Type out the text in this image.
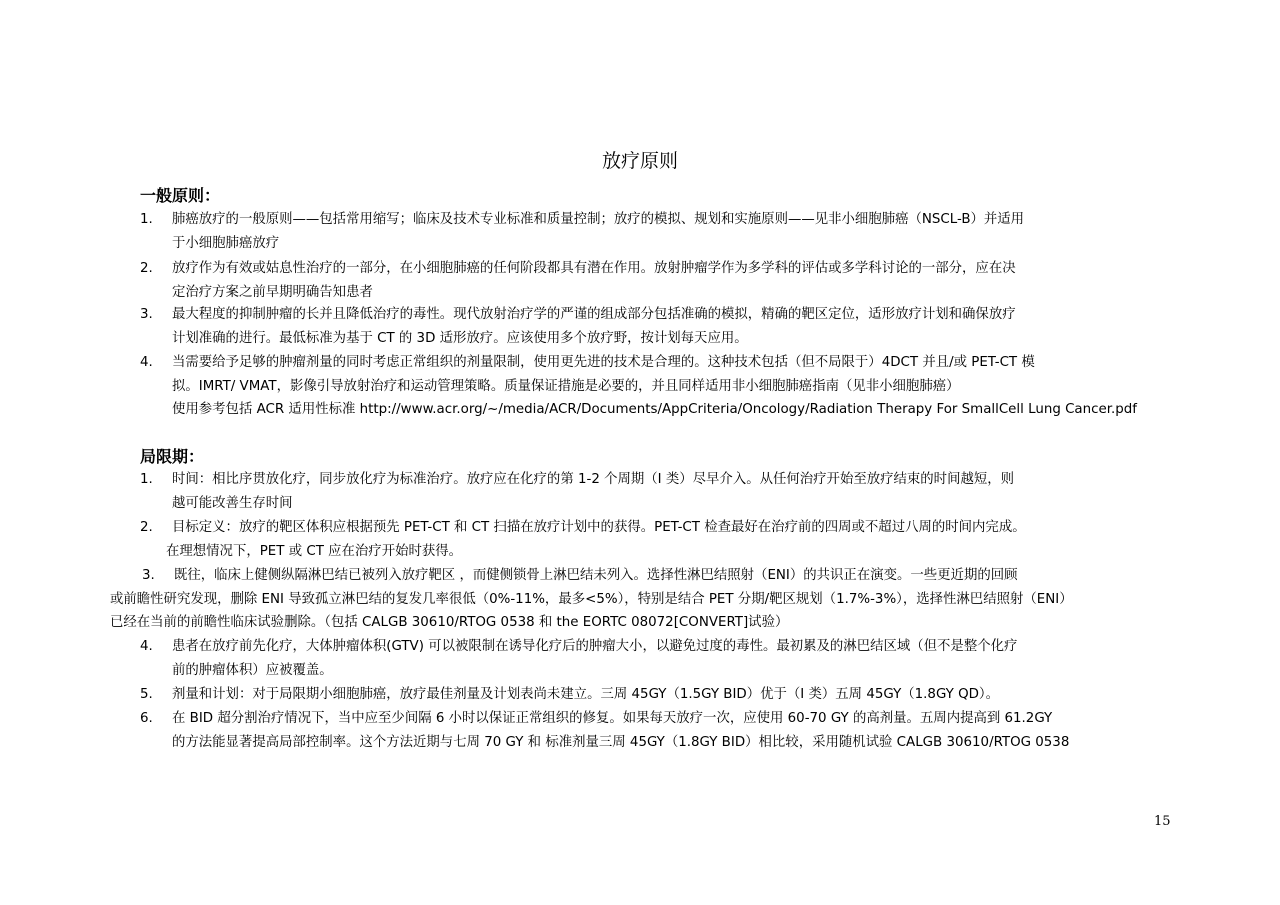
放疗原则
一般原则：
1. 肺癌放疗的一般原则——包括常用缩写；临床及技术专业标准和质量控制；放疗的模拟、规划和实施原则——见非小细胞肺癌（NSCL-B）并适用
于小细胞肺癌放疗
2. 放疗作为有效或姑息性治疗的一部分，在小细胞肺癌的任何阶段都具有潜在作用。放射肿瘤学作为多学科的评估或多学科讨论的一部分，应在决
定治疗方案之前早期明确告知患者
3. 最大程度的抑制肿瘤的长并且降低治疗的毒性。现代放射治疗学的严谨的组成部分包括准确的模拟，精确的靶区定位，适形放疗计划和确保放疗
计划准确的进行。最低标准为基于 CT 的 3D 适形放疗。应该使用多个放疗野，按计划每天应用。
4. 当需要给予足够的肿瘤剂量的同时考虑正常组织的剂量限制，使用更先进的技术是合理的。这种技术包括（但不局限于）4DCT 并且/或 PET-CT 模
拟。IMRT/ VMAT，影像引导放射治疗和运动管理策略。质量保证措施是必要的，并且同样适用非小细胞肺癌指南（见非小细胞肺癌）
使用参考包括 ACR 适用性标准 http://www.acr.org/~/media/ACR/Documents/AppCriteria/Oncology/Radiation Therapy For SmallCell Lung Cancer.pdf
局限期：
1. 时间：相比序贯放化疗，同步放化疗为标准治疗。放疗应在化疗的第 1-2 个周期（I 类）尽早介入。从任何治疗开始至放疗结束的时间越短，则
越可能改善生存时间
2. 目标定义：放疗的靶区体积应根据预先 PET-CT 和 CT 扫描在放疗计划中的获得。PET-CT 检查最好在治疗前的四周或不超过八周的时间内完成。
在理想情况下，PET 或 CT 应在治疗开始时获得。
3. 既往，临床上健侧纵隔淋巴结已被列入放疗靶区 ，而健侧锁骨上淋巴结未列入。选择性淋巴结照射（ENI）的共识正在演变。一些更近期的回顾
或前瞻性研究发现，删除 ENI 导致孤立淋巴结的复发几率很低（0%-11%，最多<5%），特别是结合 PET 分期/靶区规划（1.7%-3%），选择性淋巴结照射（ENI）
已经在当前的前瞻性临床试验删除。（包括 CALGB 30610/RTOG 0538 和 the EORTC 08072[CONVERT]试验）
4. 患者在放疗前先化疗，大体肿瘤体积(GTV) 可以被限制在诱导化疗后的肿瘤大小，以避免过度的毒性。最初累及的淋巴结区域（但不是整个化疗
前的肿瘤体积）应被覆盖。
5. 剂量和计划：对于局限期小细胞肺癌，放疗最佳剂量及计划表尚未建立。三周 45GY（1.5GY BID）优于（I 类）五周 45GY（1.8GY QD）。
6. 在 BID 超分割治疗情况下，当中应至少间隔 6 小时以保证正常组织的修复。如果每天放疗一次，应使用 60-70 GY 的高剂量。五周内提高到 61.2GY
的方法能显著提高局部控制率。这个方法近期与七周 70 GY 和 标准剂量三周 45GY（1.8GY BID）相比较，采用随机试验 CALGB 30610/RTOG 0538
15
